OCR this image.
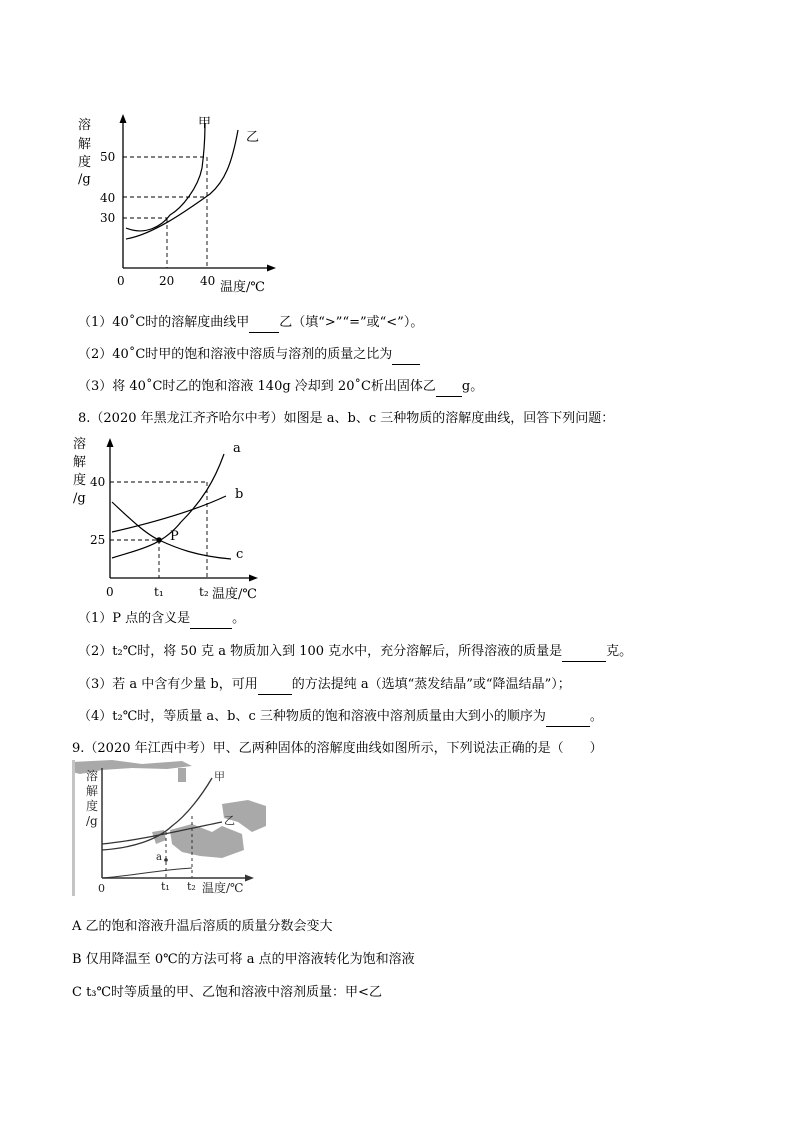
溶
解
度
/g
50
40
30
0	20 40 温度/℃
甲
乙
（1）40˚C时的溶解度曲线甲 乙（填“>”“=”或“<”）。
（2）40˚C时甲的饱和溶液中溶质与溶剂的质量之比为
（3）将 40˚C时乙的饱和溶液 140g 冷却到 20˚C析出固体乙 g。
8.（2020 年黑龙江齐齐哈尔中考）如图是 a、b、c 三种物质的溶解度曲线，回答下列问题：
溶
解
度
/g
40
25
0	t₁	t₂ 温度/℃
a
b
c
P
（1）P 点的含义是	。
（2）t₂℃时，将 50 克 a 物质加入到 100 克水中，充分溶解后，所得溶液的质量是	克。
（3）若 a 中含有少量 b，可用	的方法提纯 a（选填“蒸发结晶”或“降温结晶”）；
（4）t₂℃时，等质量 a、b、c 三种物质的饱和溶液中溶剂质量由大到小的顺序为	。
9.（2020 年江西中考）甲、乙两种固体的溶解度曲线如图所示，下列说法正确的是（　　）
溶
解
度
/g
0	t₁ t₂ 温度/℃
甲
乙
a
A 乙的饱和溶液升温后溶质的质量分数会变大
B 仅用降温至 0℃的方法可将 a 点的甲溶液转化为饱和溶液
C t₃℃时等质量的甲、乙饱和溶液中溶剂质量：甲<乙
